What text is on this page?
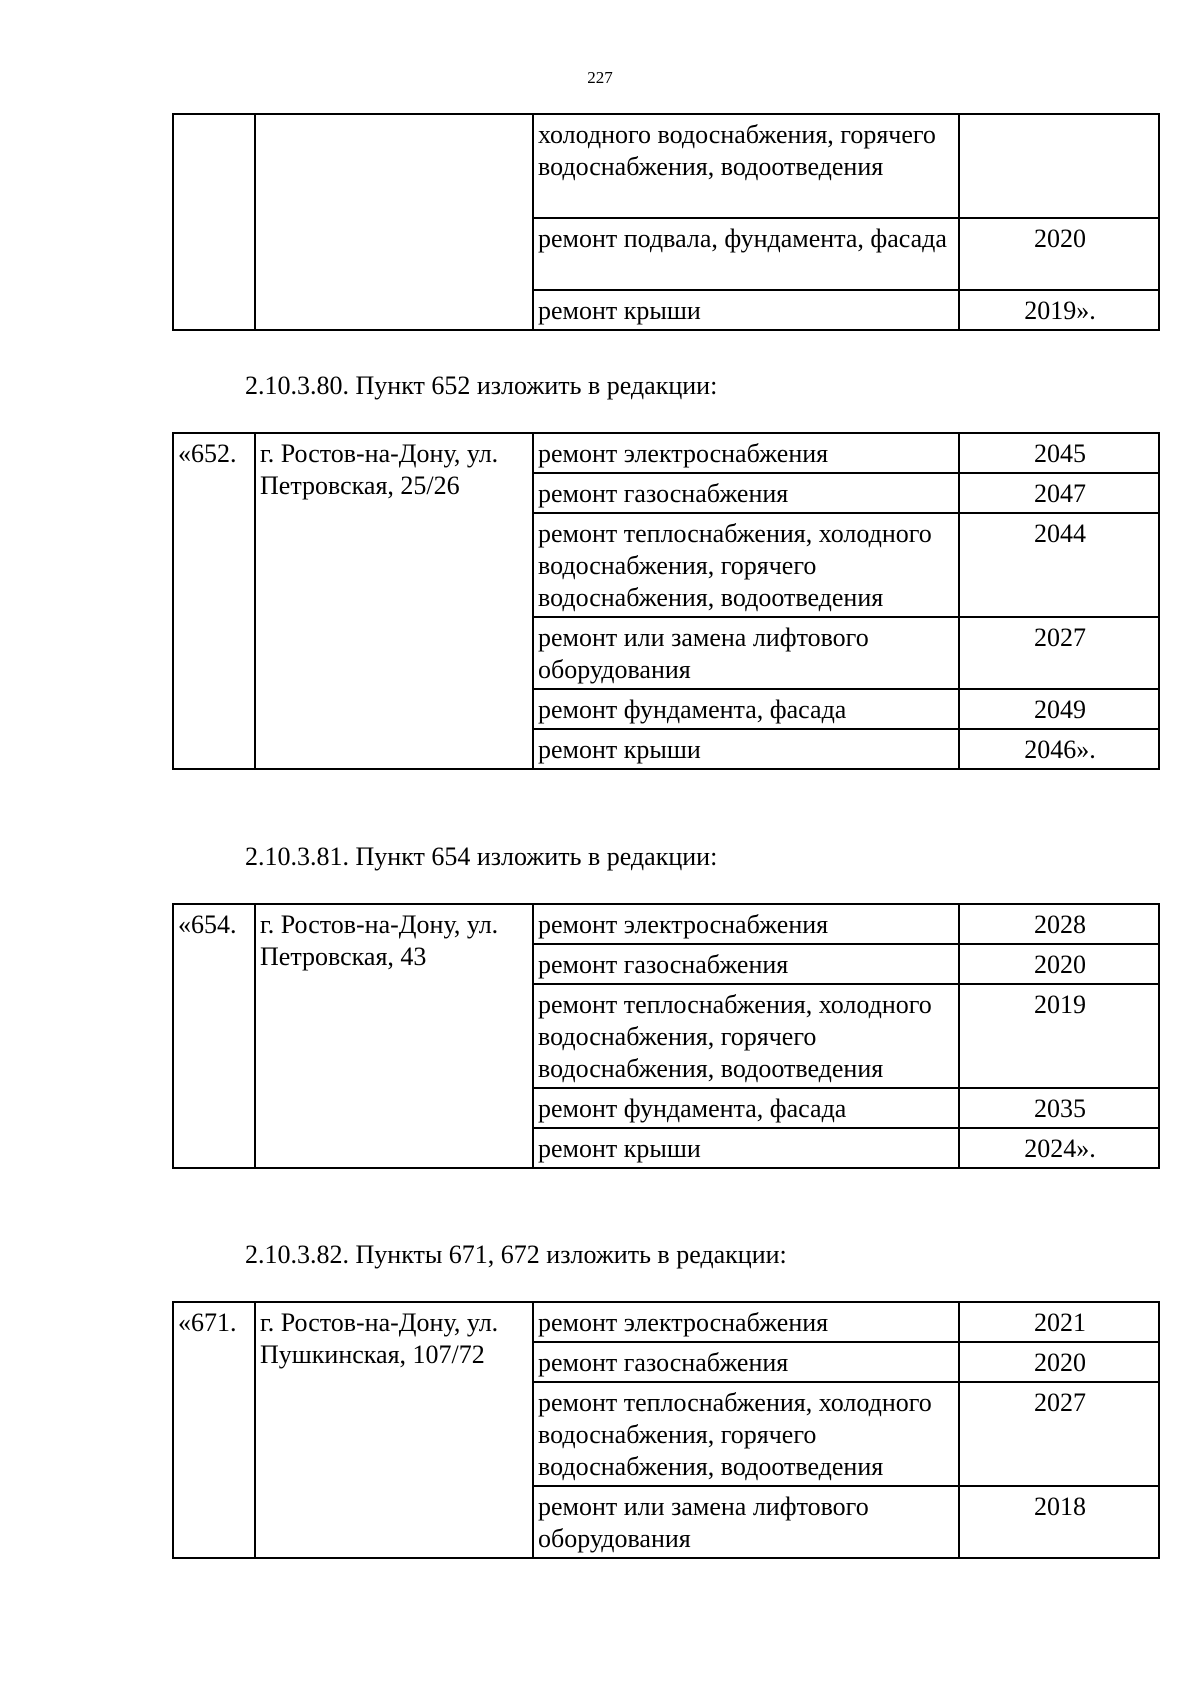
227
		холодного водоснабжения, горячего водоснабжения, водоотведения	
		ремонт подвала, фундамента, фасада	2020
		ремонт крыши	2019».
2.10.3.80. Пункт 652 изложить в редакции:
«652.	г. Ростов-на-Дону, ул. Петровская, 25/26	ремонт электроснабжения	2045
		ремонт газоснабжения	2047
		ремонт теплоснабжения, холодного водоснабжения, горячего водоснабжения, водоотведения	2044
		ремонт или замена лифтового оборудования	2027
		ремонт фундамента, фасада	2049
		ремонт крыши	2046».
2.10.3.81. Пункт 654 изложить в редакции:
«654.	г. Ростов-на-Дону, ул. Петровская, 43	ремонт электроснабжения	2028
		ремонт газоснабжения	2020
		ремонт теплоснабжения, холодного водоснабжения, горячего водоснабжения, водоотведения	2019
		ремонт фундамента, фасада	2035
		ремонт крыши	2024».
2.10.3.82. Пункты 671, 672 изложить в редакции:
«671.	г. Ростов-на-Дону, ул. Пушкинская, 107/72	ремонт электроснабжения	2021
		ремонт газоснабжения	2020
		ремонт теплоснабжения, холодного водоснабжения, горячего водоснабжения, водоотведения	2027
		ремонт или замена лифтового оборудования	2018
